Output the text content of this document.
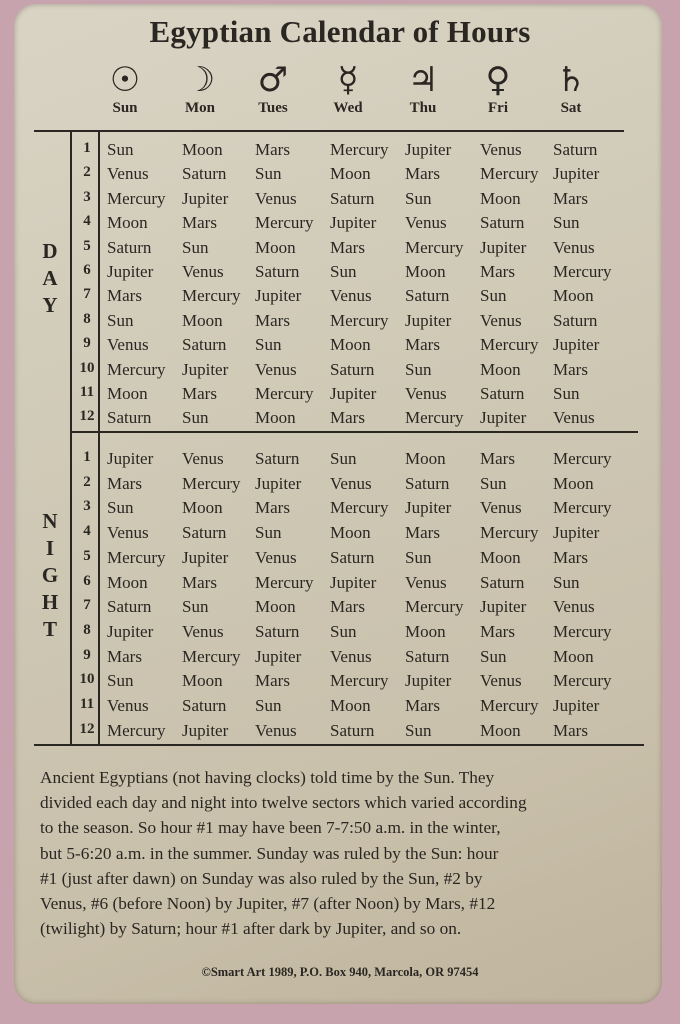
Egyptian Calendar of Hours
☉
Sun
☽
Mon
♂
Tues
☿
Wed
♃
Thu
♀
Fri
♄
Sat
1 Sun	Moon Mars Mercury Jupiter Venus Saturn
2 Venus Saturn Sun	Moon Mars Mercury Jupiter
3 Mercury Jupiter Venus Saturn Sun	Moon Mars
4 Moon Mars Mercury Jupiter Venus Saturn Sun
5 Saturn Sun	Moon Mars Mercury Jupiter Venus
6 Jupiter Venus Saturn Sun	Moon Mars Mercury
7 Mars Mercury Jupiter Venus Saturn Sun	Moon
8 Sun	Moon Mars Mercury Jupiter Venus Saturn
9 Venus Saturn Sun	Moon Mars Mercury Jupiter
10 Mercury Jupiter Venus Saturn Sun	Moon Mars
11 Moon Mars Mercury Jupiter Venus Saturn Sun
12 Saturn Sun	Moon Mars Mercury Jupiter Venus
D
A
Y
1 Jupiter Venus Saturn Sun	Moon Mars Mercury
2 Mars Mercury Jupiter Venus Saturn Sun	Moon
3 Sun	Moon Mars Mercury Jupiter Venus Mercury
4 Venus Saturn Sun	Moon Mars Mercury Jupiter
5 Mercury Jupiter Venus Saturn Sun	Moon Mars
6 Moon Mars Mercury Jupiter Venus Saturn Sun
7 Saturn Sun	Moon Mars Mercury Jupiter Venus
8 Jupiter Venus Saturn Sun	Moon Mars Mercury
9 Mars Mercury Jupiter Venus Saturn Sun	Moon
10 Sun	Moon Mars Mercury Jupiter Venus Mercury
11 Venus Saturn Sun	Moon Mars Mercury Jupiter
12 Mercury Jupiter Venus Saturn Sun	Moon Mars
N
I
G
H
T
Ancient Egyptians (not having clocks) told time by the Sun. They
divided each day and night into twelve sectors which varied according
to the season. So hour #1 may have been 7-7:50 a.m. in the winter,
but 5-6:20 a.m. in the summer. Sunday was ruled by the Sun: hour
#1 (just after dawn) on Sunday was also ruled by the Sun, #2 by
Venus, #6 (before Noon) by Jupiter, #7 (after Noon) by Mars, #12
(twilight) by Saturn; hour #1 after dark by Jupiter, and so on.
©Smart Art 1989, P.O. Box 940, Marcola, OR 97454
